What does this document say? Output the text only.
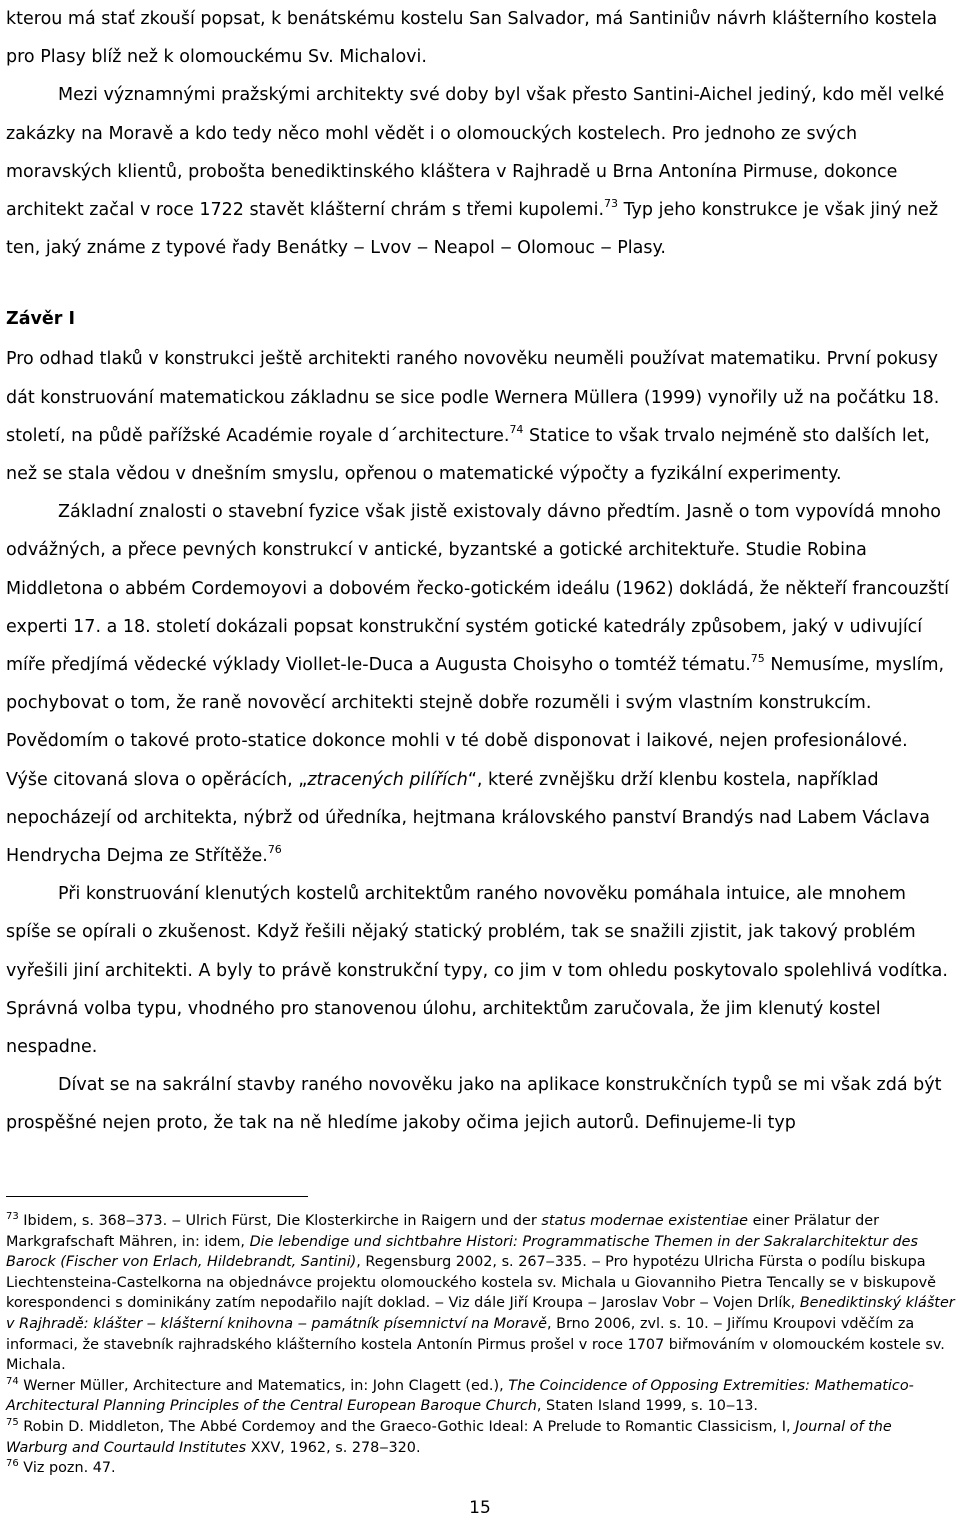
kterou má stať zkouší popsat, k benátskému kostelu San Salvador, má Santiniův návrh klášterního kostela pro Plasy blíž než k olomouckému Sv. Michalovi.

Mezi významnými pražskými architekty své doby byl však přesto Santini-Aichel jediný, kdo měl velké zakázky na Moravě a kdo tedy něco mohl vědět i o olomouckých kostelech. Pro jednoho ze svých moravských klientů, probošta benediktinského kláštera v Rajhradě u Brna Antonína Pirmuse, dokonce architekt začal v roce 1722 stavět klášterní chrám s třemi kupolemi.$^{73}$ Typ jeho konstrukce je však jiný než ten, jaký známe z typové řady Benátky ‒ Lvov ‒ Neapol ‒ Olomouc ‒ Plasy.

Závěr I

Pro odhad tlaků v konstrukci ještě architekti raného novověku neuměli používat matematiku. První pokusy dát konstruování matematickou základnu se sice podle Wernera Müllera (1999) vynořily už na počátku 18. století, na půdě pařížské Académie royale d´architecture.$^{74}$ Statice to však trvalo nejméně sto dalších let, než se stala vědou v dnešním smyslu, opřenou o matematické výpočty a fyzikální experimenty.

Základní znalosti o stavební fyzice však jistě existovaly dávno předtím. Jasně o tom vypovídá mnoho odvážných, a přece pevných konstrukcí v antické, byzantské a gotické architektuře. Studie Robina Middletona o abbém Cordemoyovi a dobovém řecko-gotickém ideálu (1962) dokládá, že někteří francouzští experti 17. a 18. století dokázali popsat konstrukční systém gotické katedrály způsobem, jaký v udivující míře předjímá vědecké výklady Viollet-le-Duca a Augusta Choisyho o tomtéž tématu.$^{75}$ Nemusíme, myslím, pochybovat o tom, že raně novověcí architekti stejně dobře rozuměli i svým vlastním konstrukcím. Povědomím o takové proto-statice dokonce mohli v té době disponovat i laikové, nejen profesionálové. Výše citovaná slova o opěrácích, „ztracených pilířích“, které zvnějšku drží klenbu kostela, například nepocházejí od architekta, nýbrž od úředníka, hejtmana královského panství Brandýs nad Labem Václava Hendrycha Dejma ze Střítěže.$^{76}$

Při konstruování klenutých kostelů architektům raného novověku pomáhala intuice, ale mnohem spíše se opírali o zkušenost. Když řešili nějaký statický problém, tak se snažili zjistit, jak takový problém vyřešili jiní architekti. A byly to právě konstrukční typy, co jim v tom ohledu poskytovalo spolehlivá vodítka. Správná volba typu, vhodného pro stanovenou úlohu, architektům zaručovala, že jim klenutý kostel nespadne.

Dívat se na sakrální stavby raného novověku jako na aplikace konstrukčních typů se mi však zdá být prospěšné nejen proto, že tak na ně hledíme jakoby očima jejich autorů. Definujeme-li typ

$^{73}$ Ibidem, s. 368‒373. ‒ Ulrich Fürst, Die Klosterkirche in Raigern und der status modernae existentiae einer Prälatur der Markgrafschaft Mähren, in: idem, Die lebendige und sichtbahre Histori: Programmatische Themen in der Sakralarchitektur des Barock (Fischer von Erlach, Hildebrandt, Santini), Regensburg 2002, s. 267‒335. ‒ Pro hypotézu Ulricha Fürsta o podílu biskupa Liechtensteina-Castelkorna na objednávce projektu olomouckého kostela sv. Michala u Giovanniho Pietra Tencally se v biskupově korespondenci s dominikány zatím nepodařilo najít doklad. ‒ Viz dále Jiří Kroupa ‒ Jaroslav Vobr ‒ Vojen Drlík, Benediktinský klášter v Rajhradě: klášter ‒ klášterní knihovna ‒ památník písemnictví na Moravě, Brno 2006, zvl. s. 10. ‒ Jiřímu Kroupovi vděčím za informaci, že stavebník rajhradského klášterního kostela Antonín Pirmus prošel v roce 1707 biřmováním v olomouckém kostele sv. Michala.

$^{74}$ Werner Müller, Architecture and Matematics, in: John Clagett (ed.), The Coincidence of Opposing Extremities: Mathematico-Architectural Planning Principles of the Central European Baroque Church, Staten Island 1999, s. 10‒13.

$^{75}$ Robin D. Middleton, The Abbé Cordemoy and the Graeco-Gothic Ideal: A Prelude to Romantic Classicism, I, Journal of the Warburg and Courtauld Institutes XXV, 1962, s. 278‒320.

$^{76}$ Viz pozn. 47.

15
